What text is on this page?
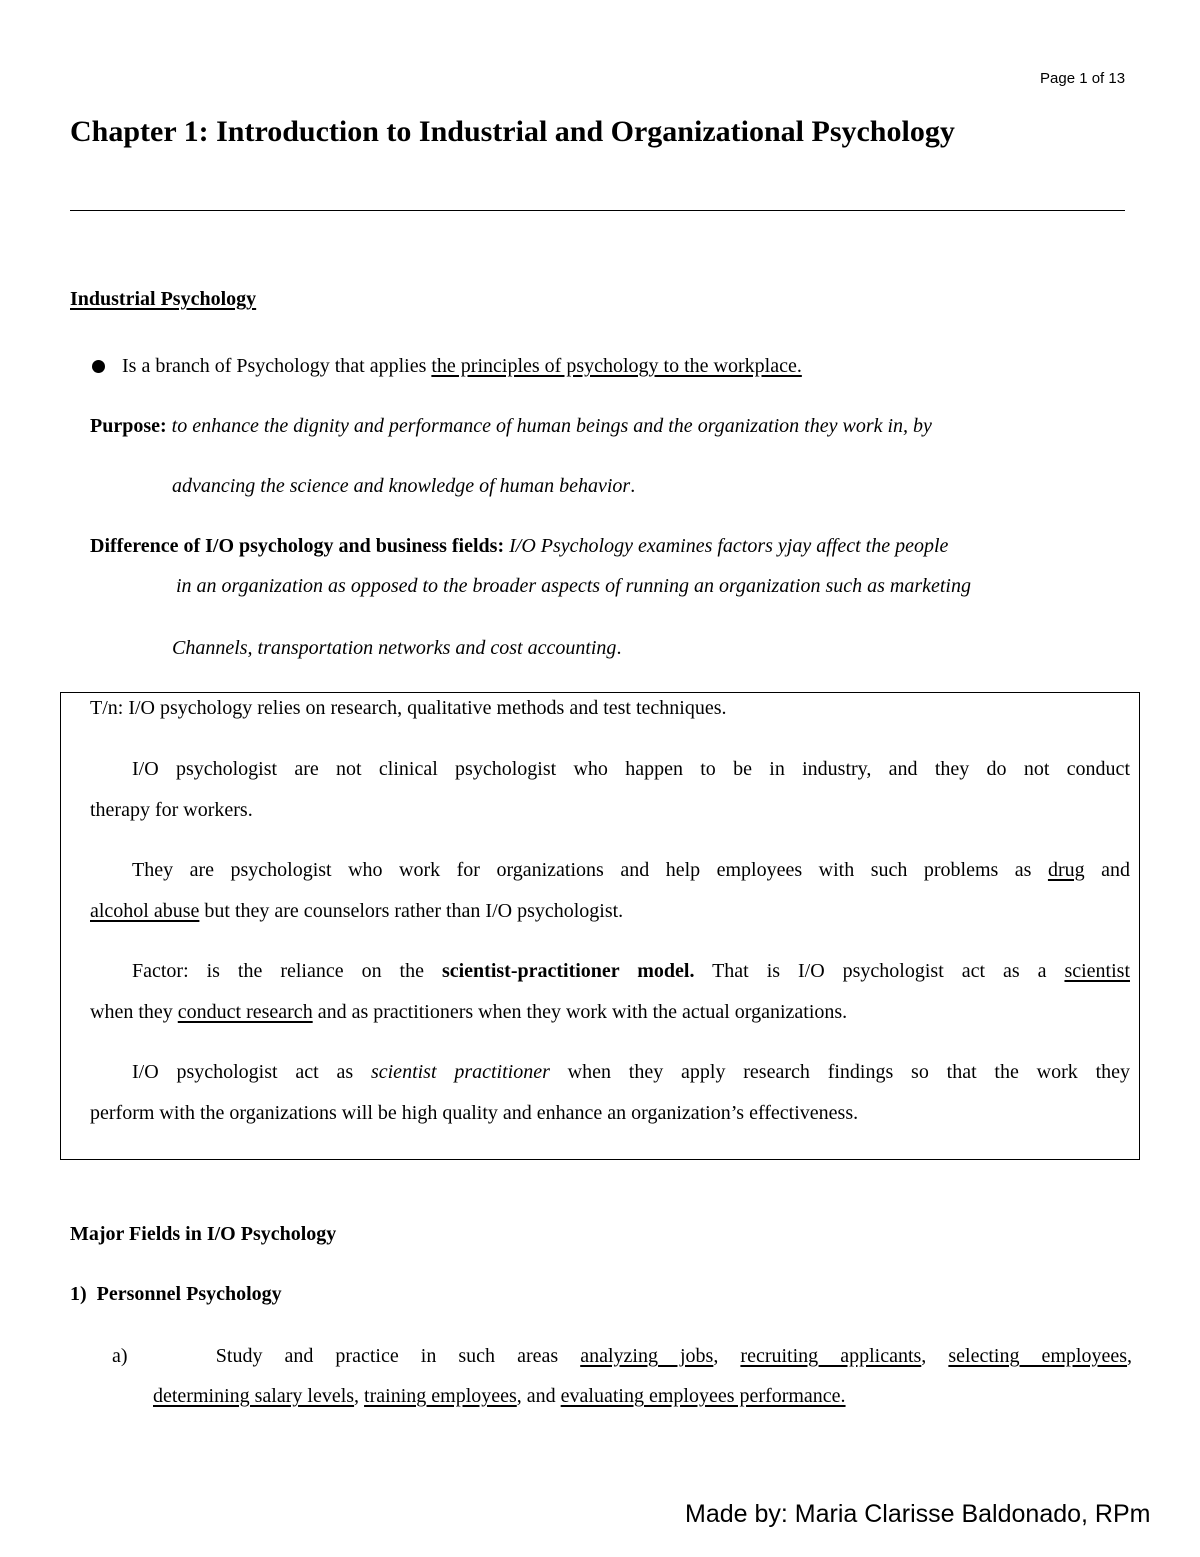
Page 1 of 13
Chapter 1: Introduction to Industrial and Organizational Psychology
Industrial Psychology
Is a branch of Psychology that applies the principles of psychology to the workplace.
Purpose: to enhance the dignity and performance of human beings and the organization they work in, by
advancing the science and knowledge of human behavior.
Difference of I/O psychology and business fields: I/O Psychology examines factors yjay affect the people
in an organization as opposed to the broader aspects of running an organization such as marketing
Channels, transportation networks and cost accounting.
T/n: I/O psychology relies on research, qualitative methods and test techniques.
I/O psychologist are not clinical psychologist who happen to be in industry, and they do not conduct
therapy for workers.
They are psychologist who work for organizations and help employees with such problems as drug and
alcohol abuse but they are counselors rather than I/O psychologist.
Factor: is the reliance on the scientist-practitioner model. That is I/O psychologist act as a scientist
when they conduct research and as practitioners when they work with the actual organizations.
I/O psychologist act as scientist practitioner when they apply research findings so that the work they
perform with the organizations will be high quality and enhance an organization’s effectiveness.
Major Fields in I/O Psychology
1) Personnel Psychology
a)	Study and practice in such areas analyzing jobs, recruiting applicants, selecting employees,
determining salary levels, training employees, and evaluating employees performance.
Made by: Maria Clarisse Baldonado, RPm
